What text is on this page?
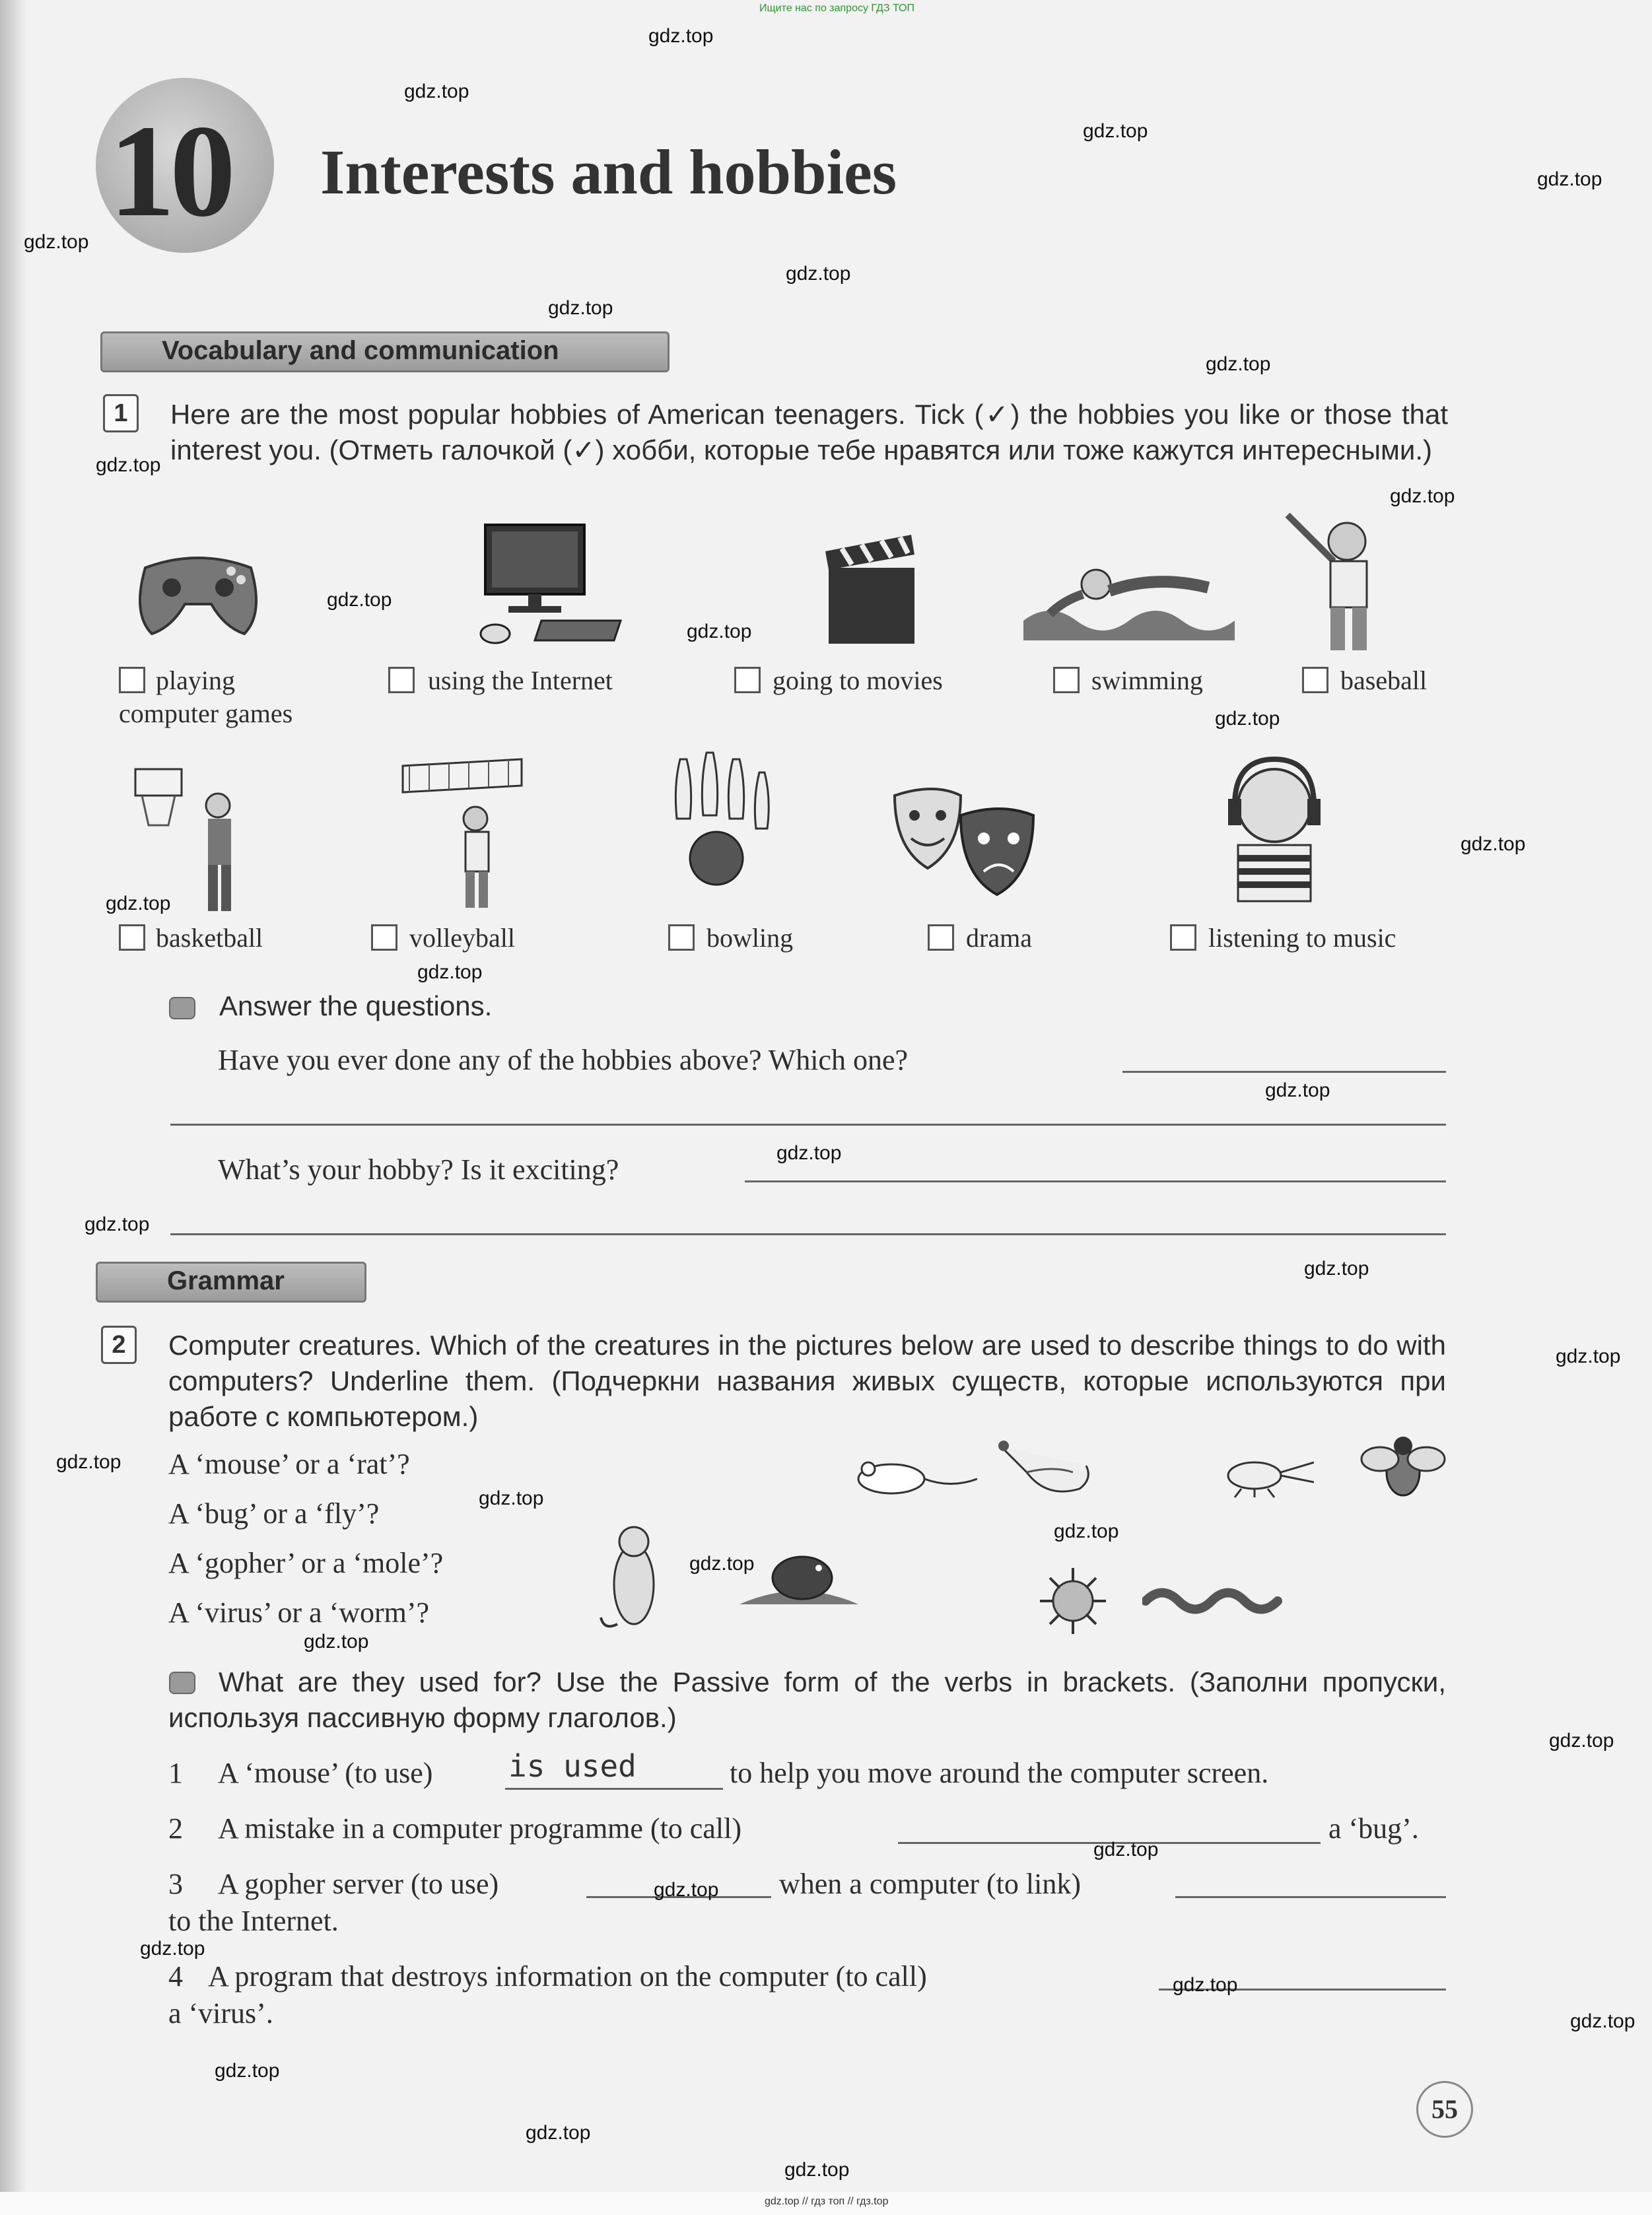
Ищите нас по запросу ГДЗ ТОП
10 Interests and hobbies
Vocabulary and communication
1	Here are the most popular hobbies of American teenagers. Tick (✓) the hobbies you like or those that interest you. (Отметь галочкой (✓) хобби, которые тебе нравятся или тоже кажутся интересными.)
playing
computer games
using the Internet	going to movies	swimming	baseball
basketball	volleyball	bowling	drama	listening to music
Answer the questions.
Have you ever done any of the hobbies above? Which one?
What’s your hobby? Is it exciting?
Grammar
2	Computer creatures. Which of the creatures in the pictures below are used to describe things to do with computers? Underline them. (Подчеркни названия живых существ, которые используются при работе с компьютером.)
A ‘mouse’ or a ‘rat’?
A ‘bug’ or a ‘fly’?
A ‘gopher’ or a ‘mole’?
A ‘virus’ or a ‘worm’?
What are they used for? Use the Passive form of the verbs in brackets. (Заполни пропуски, используя пассивную форму глаголов.)
1 A ‘mouse’ (to use) is used	to help you move around the computer screen.
2 A mistake in a computer programme (to call)	a ‘bug’.
3 A gopher server (to use)	when a computer (to link)
to the Internet.
4 A program that destroys information on the computer (to call)
a ‘virus’.
55
gdz.top // гдз топ // гдз.top
gdz.top
gdz.top
gdz.top
gdz.top
gdz.top
gdz.top
gdz.top
gdz.top
gdz.top
gdz.top
gdz.top
gdz.top
gdz.top
gdz.top
gdz.top
gdz.top
gdz.top
gdz.top
gdz.top
gdz.top
gdz.top
gdz.top
gdz.top
gdz.top
gdz.top
gdz.top
gdz.top
gdz.top
gdz.top
gdz.top
gdz.top
gdz.top
gdz.top
gdz.top
gdz.top
